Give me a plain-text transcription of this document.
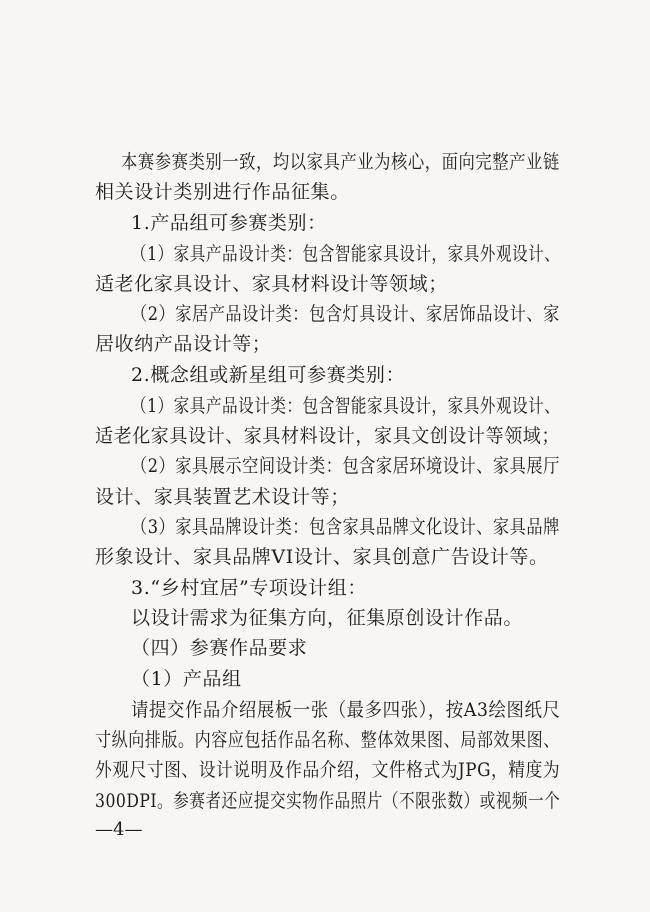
本赛参赛类别一致，均以家具产业为核心，面向完整产业链
相关设计类别进行作品征集。
1.产品组可参赛类别：
（1）家具产品设计类：包含智能家具设计，家具外观设计、
适老化家具设计、家具材料设计等领域；
（2）家居产品设计类：包含灯具设计、家居饰品设计、家
居收纳产品设计等；
2.概念组或新星组可参赛类别：
（1）家具产品设计类：包含智能家具设计，家具外观设计、
适老化家具设计、家具材料设计，家具文创设计等领域；
（2）家具展示空间设计类：包含家居环境设计、家具展厅
设计、家具装置艺术设计等；
（3）家具品牌设计类：包含家具品牌文化设计、家具品牌
形象设计、家具品牌VI设计、家具创意广告设计等。
3.“乡村宜居”专项设计组：
以设计需求为征集方向，征集原创设计作品。
（四）参赛作品要求
（1）产品组
请提交作品介绍展板一张（最多四张），按A3绘图纸尺
寸纵向排版。内容应包括作品名称、整体效果图、局部效果图、
外观尺寸图、设计说明及作品介绍，文件格式为JPG，精度为
300DPI。参赛者还应提交实物作品照片（不限张数）或视频一个
—4—
